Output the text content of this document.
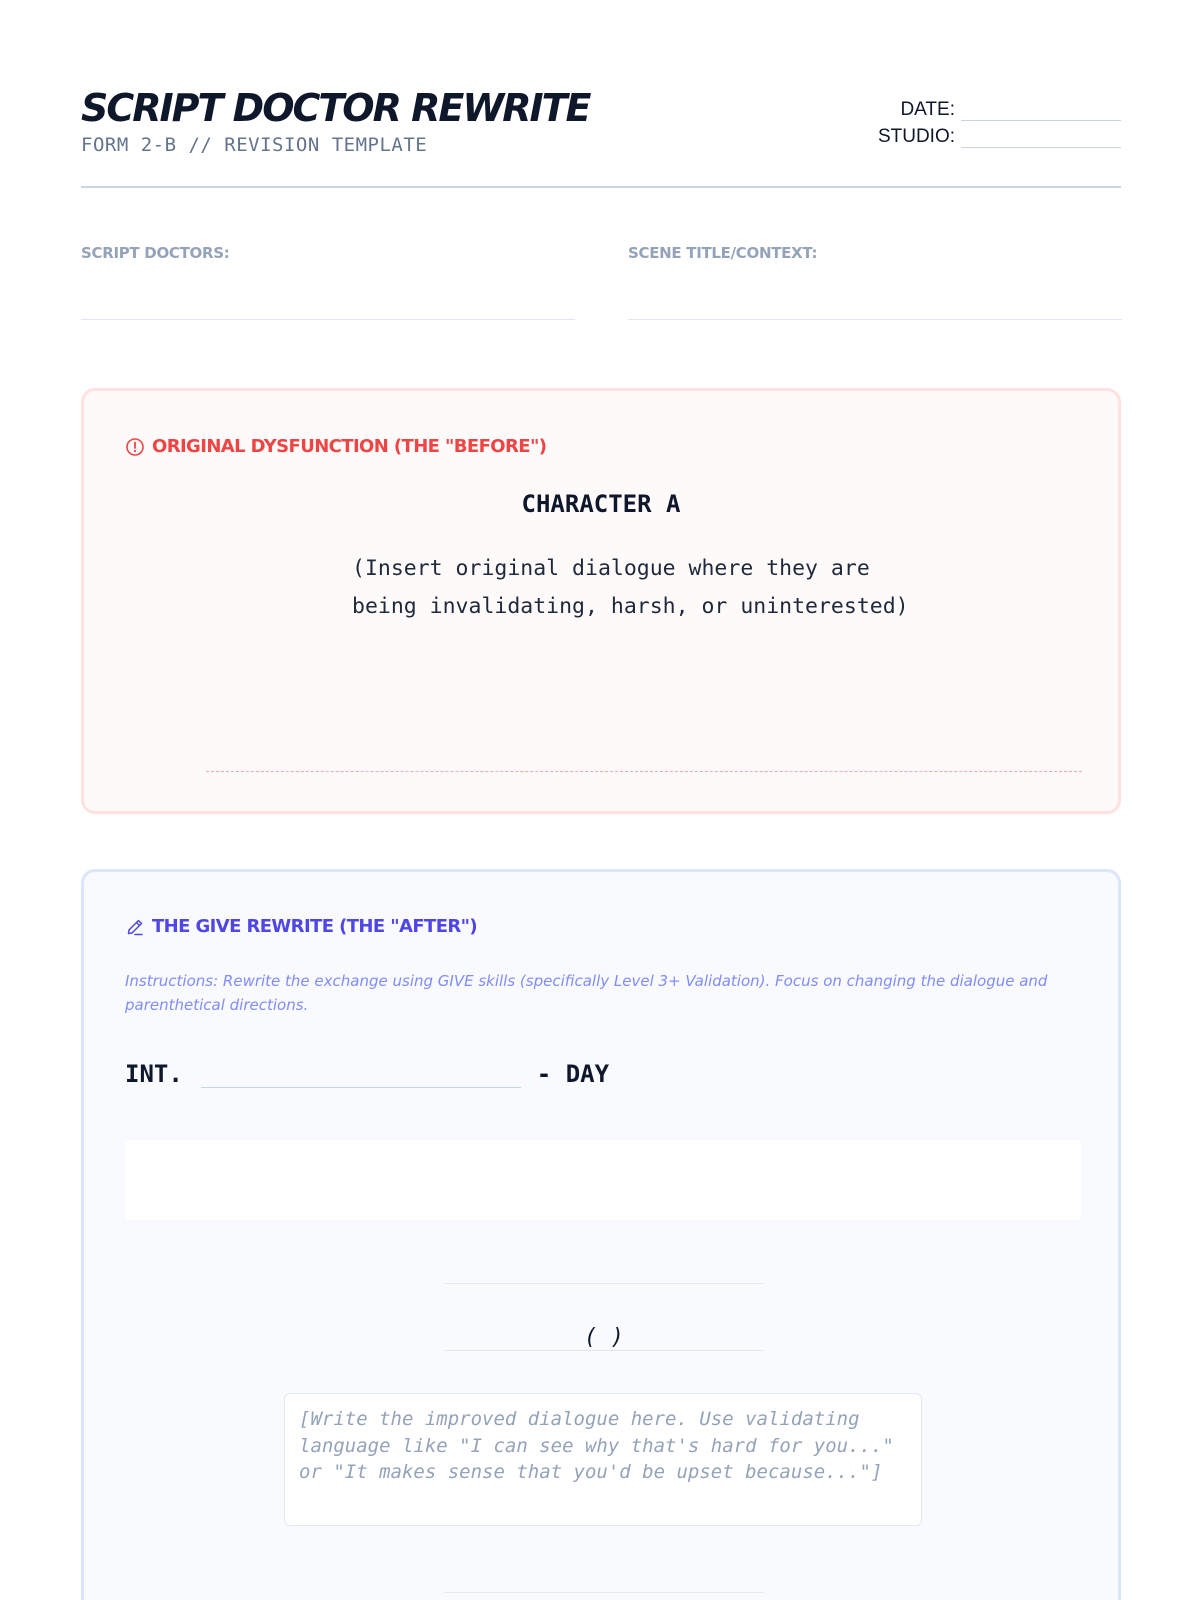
SCRIPT DOCTOR REWRITE
FORM 2-B // REVISION TEMPLATE
DATE:
STUDIO:
SCRIPT DOCTORS:	SCENE TITLE/CONTEXT:
ORIGINAL DYSFUNCTION (THE "BEFORE")
CHARACTER A
(Insert original dialogue where they are being invalidating, harsh, or uninterested)
THE GIVE REWRITE (THE "AFTER")
Instructions: Rewrite the exchange using GIVE skills (specifically Level 3+ Validation). Focus on changing the dialogue and parenthetical directions.
INT.	- DAY
( )
[Write the improved dialogue here. Use validating language like "I can see why that's hard for you..." or "It makes sense that you'd be upset because..."]
